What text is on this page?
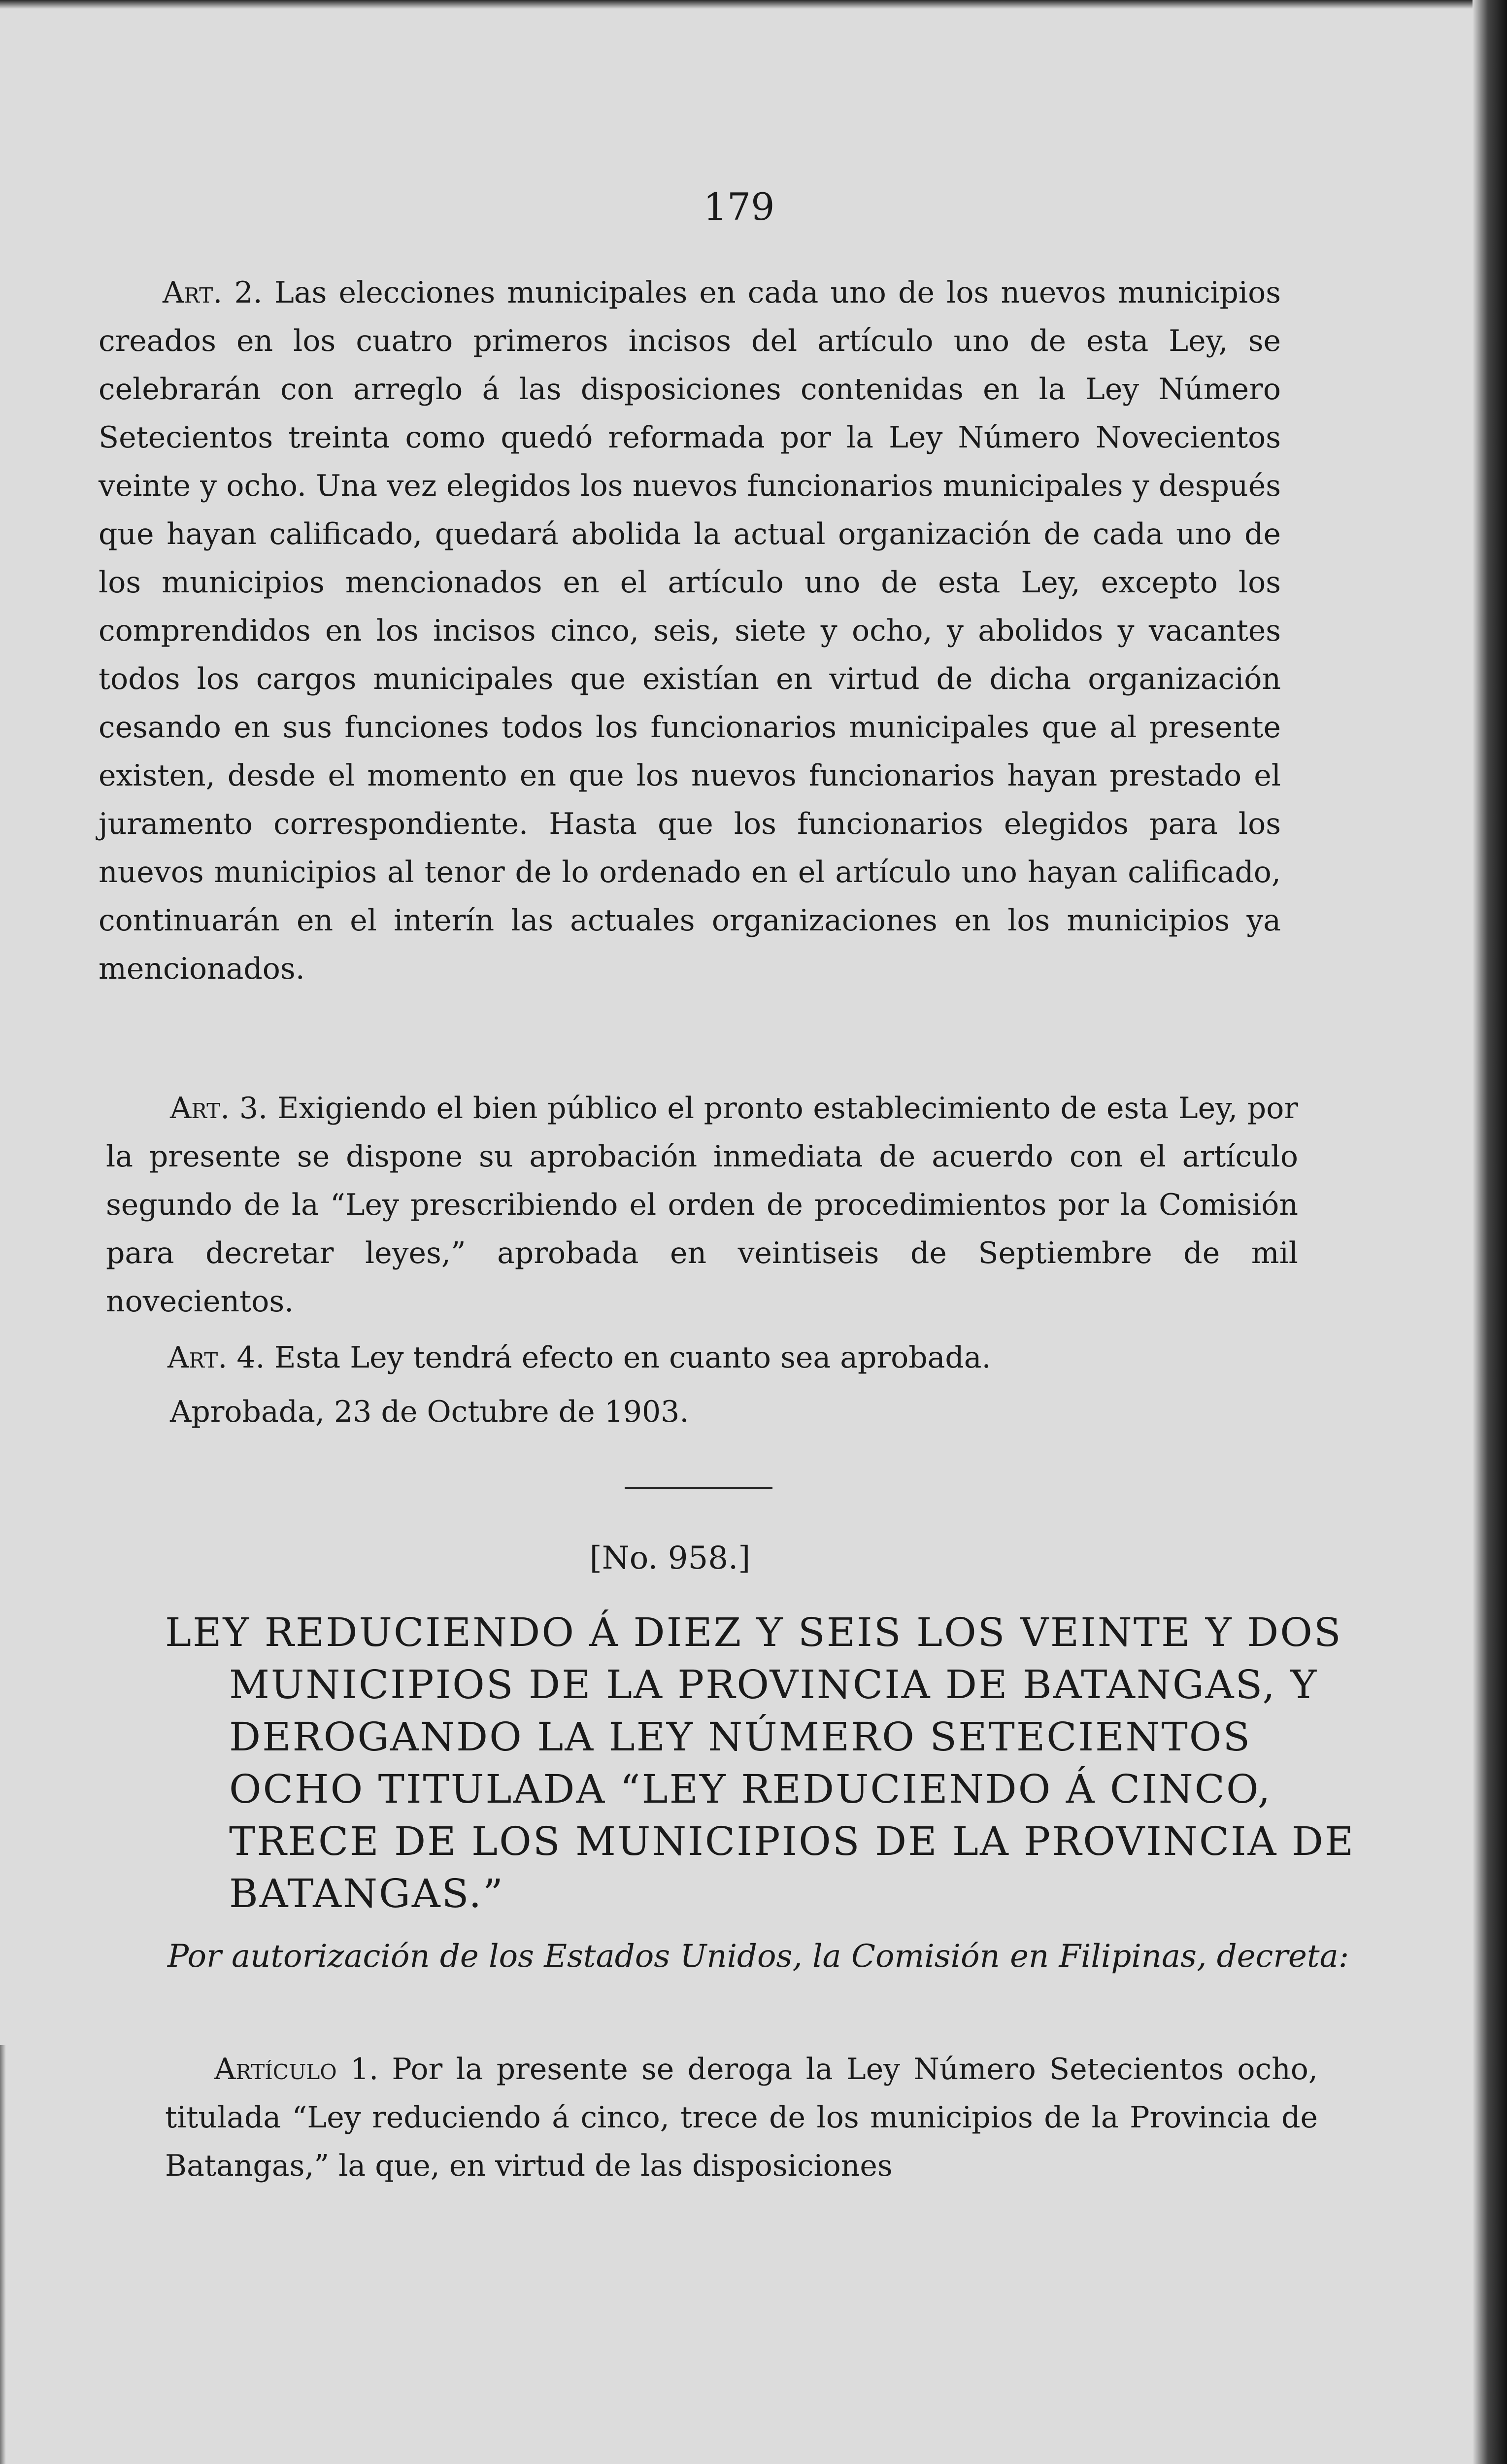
179

Art. 2. Las elecciones municipales en cada uno de los nuevos municipios creados en los cuatro primeros incisos del artículo uno de esta Ley, se celebrarán con arreglo á las disposiciones contenidas en la Ley Número Setecientos treinta como quedó reformada por la Ley Número Novecientos veinte y ocho. Una vez elegidos los nuevos funcionarios municipales y después que hayan calificado, quedará abolida la actual organización de cada uno de los municipios mencionados en el artículo uno de esta Ley, excepto los comprendidos en los incisos cinco, seis, siete y ocho, y abolidos y vacantes todos los cargos municipales que existían en virtud de dicha organización cesando en sus funciones todos los funcionarios municipales que al presente existen, desde el momento en que los nuevos funcionarios hayan prestado el juramento correspondiente. Hasta que los funcionarios elegidos para los nuevos municipios al tenor de lo ordenado en el artículo uno hayan calificado, continuarán en el interín las actuales organizaciones en los municipios ya mencionados.

Art. 3. Exigiendo el bien público el pronto establecimiento de esta Ley, por la presente se dispone su aprobación inmediata de acuerdo con el artículo segundo de la “Ley prescribiendo el orden de procedimientos por la Comisión para decretar leyes,” aprobada en veintiseis de Septiembre de mil novecientos.

Art. 4. Esta Ley tendrá efecto en cuanto sea aprobada.

Aprobada, 23 de Octubre de 1903.

[No. 958.]

LEY REDUCIENDO Á DIEZ Y SEIS LOS VEINTE Y DOS MUNICIPIOS DE LA PROVINCIA DE BATANGAS, Y DEROGANDO LA LEY NÚMERO SETECIENTOS OCHO TITULADA “LEY REDUCIENDO Á CINCO, TRECE DE LOS MUNICIPIOS DE LA PROVINCIA DE BATANGAS.”

Por autorización de los Estados Unidos, la Comisión en Filipinas, decreta:

Artículo 1. Por la presente se deroga la Ley Número Setecientos ocho, titulada “Ley reduciendo á cinco, trece de los municipios de la Provincia de Batangas,” la que, en virtud de las disposiciones
